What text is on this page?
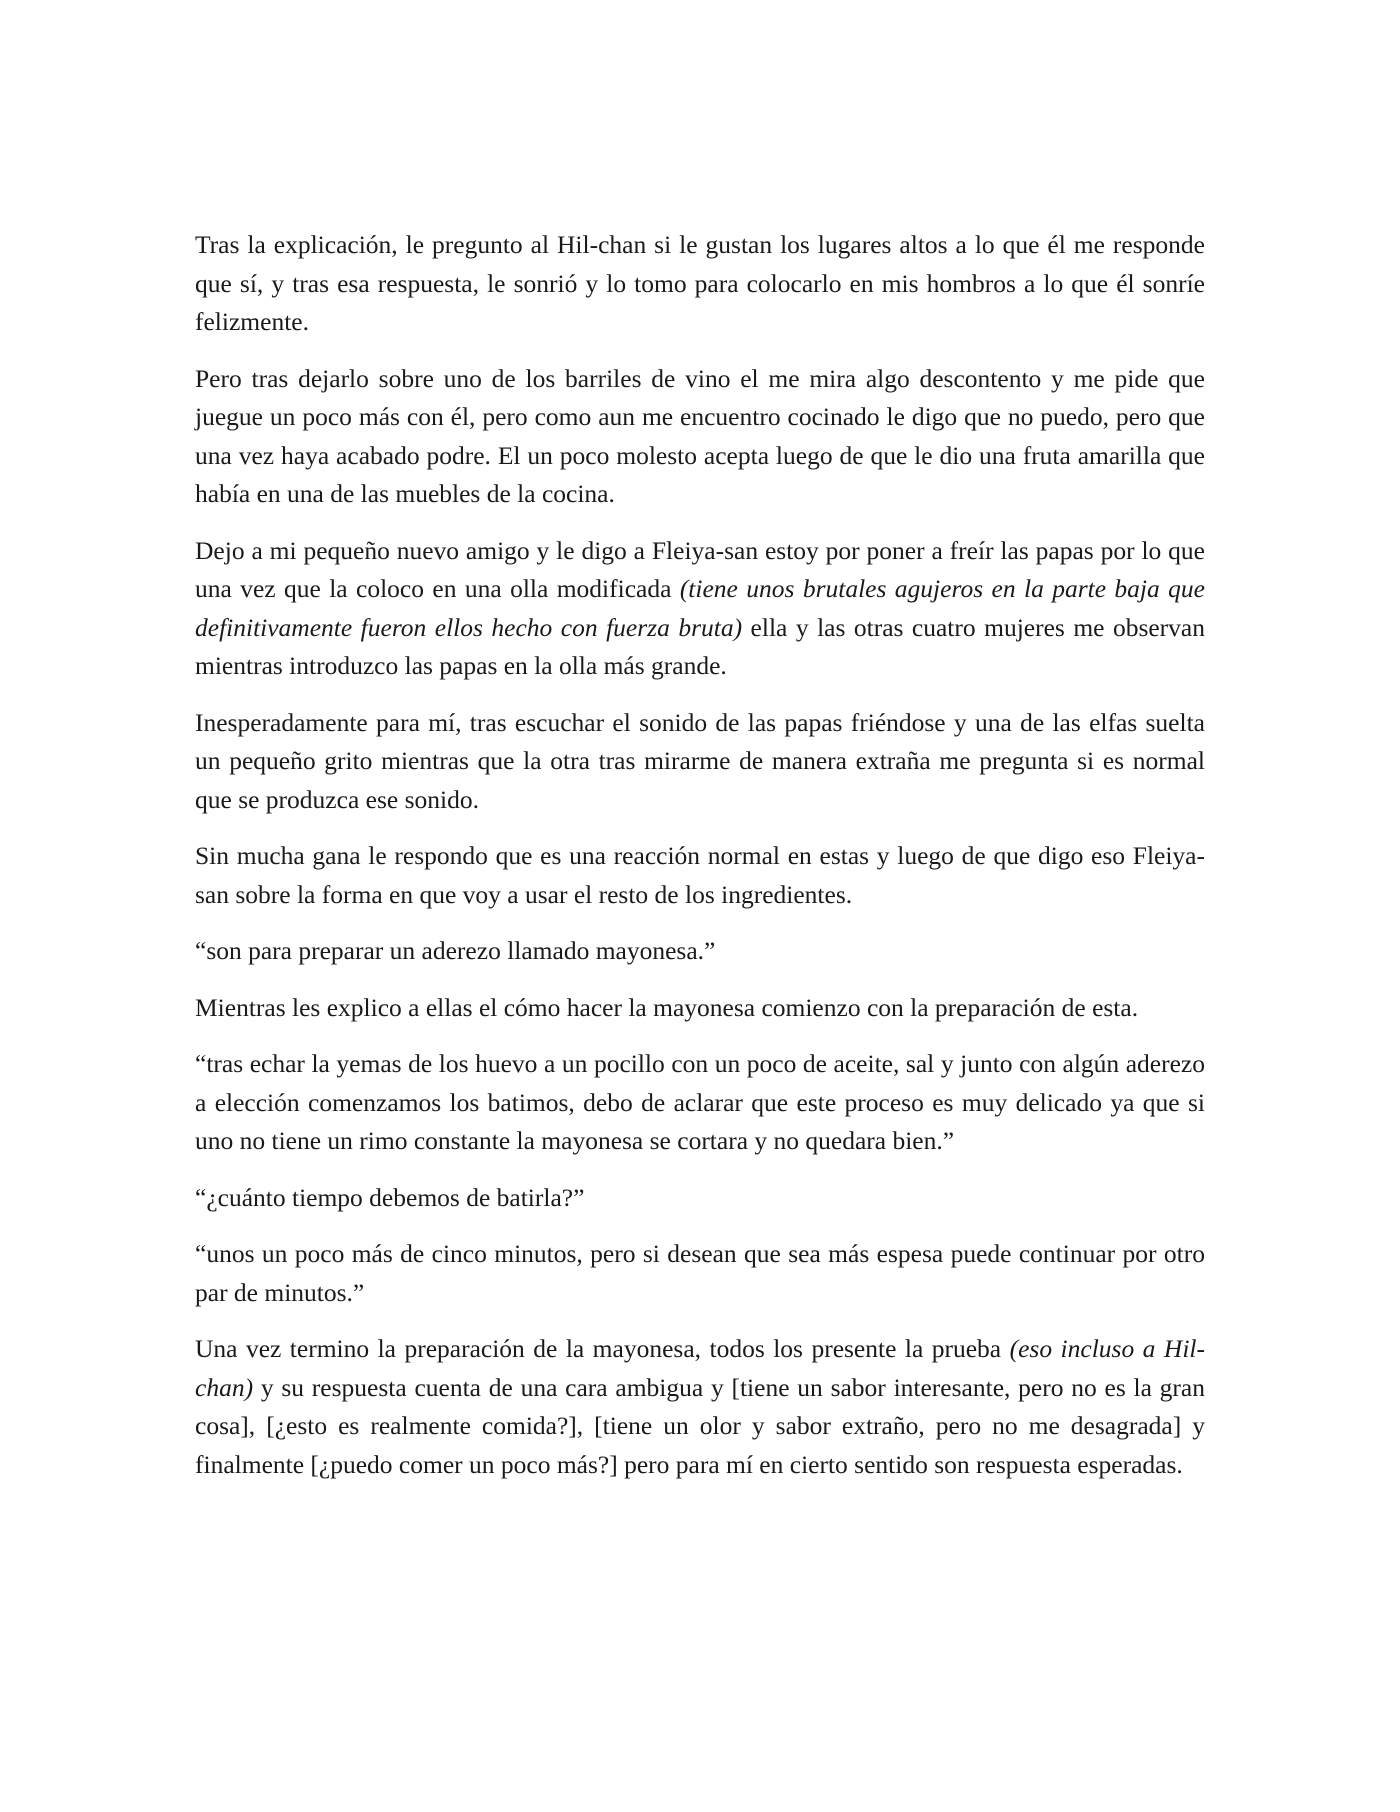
Tras la explicación, le pregunto al Hil-chan si le gustan los lugares altos a lo que él me responde que sí, y tras esa respuesta, le sonrió y lo tomo para colocarlo en mis hombros a lo que él sonríe felizmente.

Pero tras dejarlo sobre uno de los barriles de vino el me mira algo descontento y me pide que juegue un poco más con él, pero como aun me encuentro cocinado le digo que no puedo, pero que una vez haya acabado podre. El un poco molesto acepta luego de que le dio una fruta amarilla que había en una de las muebles de la cocina.

Dejo a mi pequeño nuevo amigo y le digo a Fleiya-san estoy por poner a freír las papas por lo que una vez que la coloco en una olla modificada (tiene unos brutales agujeros en la parte baja que definitivamente fueron ellos hecho con fuerza bruta) ella y las otras cuatro mujeres me observan mientras introduzco las papas en la olla más grande.

Inesperadamente para mí, tras escuchar el sonido de las papas friéndose y una de las elfas suelta un pequeño grito mientras que la otra tras mirarme de manera extraña me pregunta si es normal que se produzca ese sonido.

Sin mucha gana le respondo que es una reacción normal en estas y luego de que digo eso Fleiya-san sobre la forma en que voy a usar el resto de los ingredientes.

“son para preparar un aderezo llamado mayonesa.”

Mientras les explico a ellas el cómo hacer la mayonesa comienzo con la preparación de esta.

“tras echar la yemas de los huevo a un pocillo con un poco de aceite, sal y junto con algún aderezo a elección comenzamos los batimos, debo de aclarar que este proceso es muy delicado ya que si uno no tiene un rimo constante la mayonesa se cortara y no quedara bien.”

“¿cuánto tiempo debemos de batirla?”

“unos un poco más de cinco minutos, pero si desean que sea más espesa puede continuar por otro par de minutos.”

Una vez termino la preparación de la mayonesa, todos los presente la prueba (eso incluso a Hil-chan) y su respuesta cuenta de una cara ambigua y [tiene un sabor interesante, pero no es la gran cosa], [¿esto es realmente comida?], [tiene un olor y sabor extraño, pero no me desagrada] y finalmente [¿puedo comer un poco más?] pero para mí en cierto sentido son respuesta esperadas.
